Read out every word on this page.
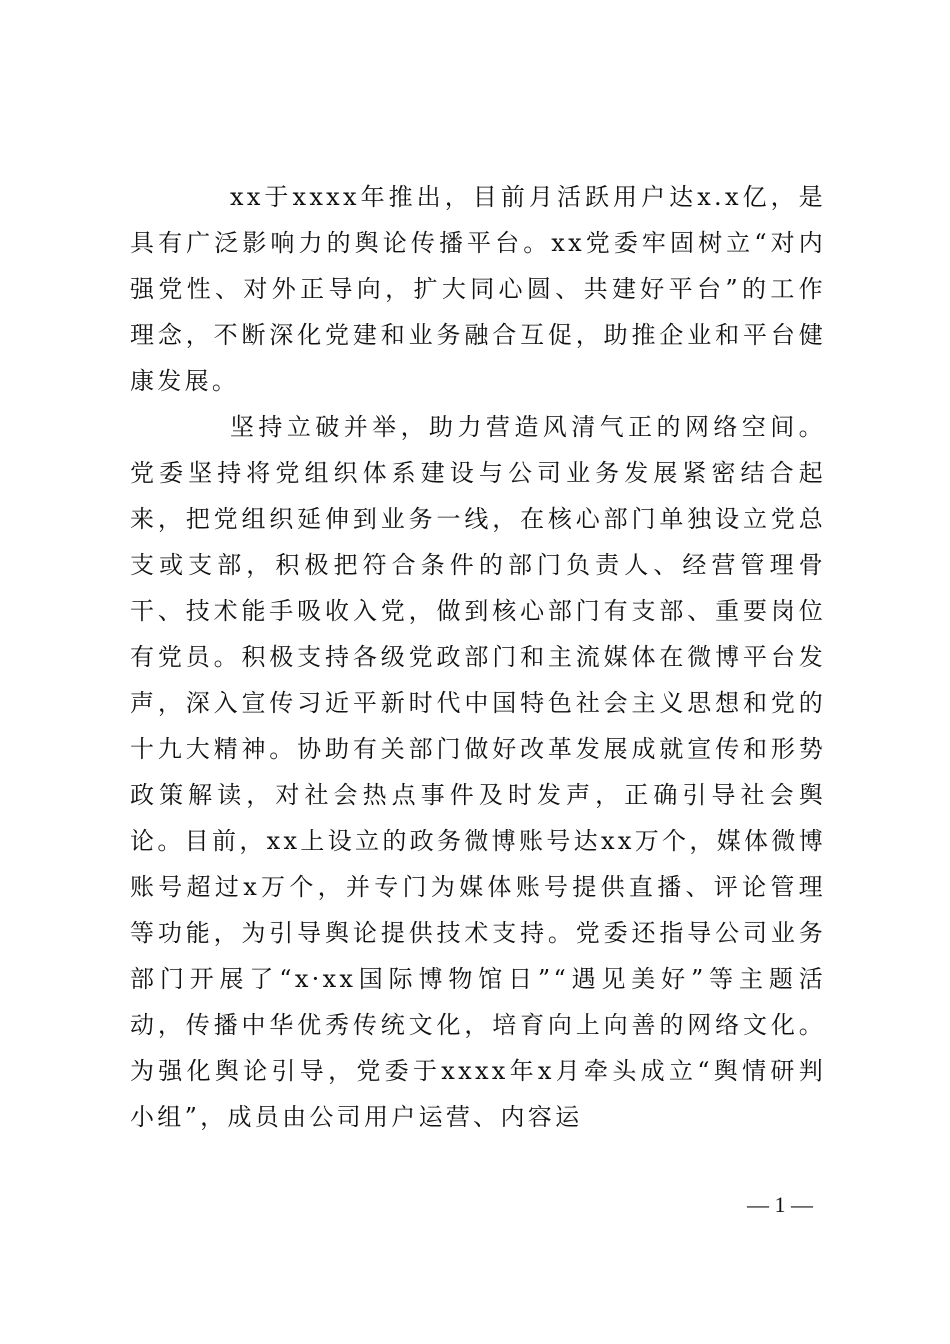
xx于xxxx年推出，目前月活跃用户达x.x亿，是具有广泛影响力的舆论传播平台。xx党委牢固树立“对内强党性、对外正导向，扩大同心圆、共建好平台”的工作理念，不断深化党建和业务融合互促，助推企业和平台健康发展。

坚持立破并举，助力营造风清气正的网络空间。党委坚持将党组织体系建设与公司业务发展紧密结合起来，把党组织延伸到业务一线，在核心部门单独设立党总支或支部，积极把符合条件的部门负责人、经营管理骨干、技术能手吸收入党，做到核心部门有支部、重要岗位有党员。积极支持各级党政部门和主流媒体在微博平台发声，深入宣传习近平新时代中国特色社会主义思想和党的十九大精神。协助有关部门做好改革发展成就宣传和形势政策解读，对社会热点事件及时发声，正确引导社会舆论。目前，xx上设立的政务微博账号达xx万个，媒体微博账号超过x万个，并专门为媒体账号提供直播、评论管理等功能，为引导舆论提供技术支持。党委还指导公司业务部门开展了“x·xx国际博物馆日”“遇见美好”等主题活动，传播中华优秀传统文化，培育向上向善的网络文化。为强化舆论引导，党委于xxxx年x月牵头成立“舆情研判小组”，成员由公司用户运营、内容运

— 1 —
